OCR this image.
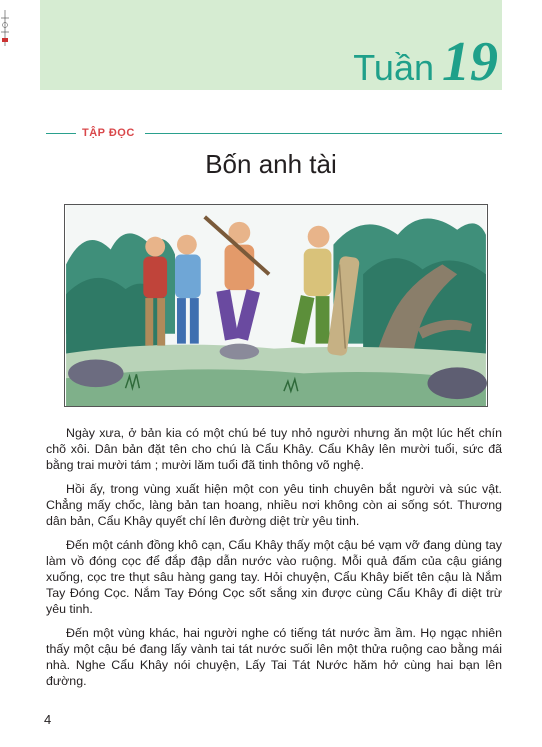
Tuần 19
TẬP ĐỌC
Bốn anh tài

Ngày xưa, ở bản kia có một chú bé tuy nhỏ người nhưng ăn một lúc hết chín chõ xôi. Dân bản đặt tên cho chú là Cẩu Khây. Cẩu Khây lên mười tuổi, sức đã bằng trai mười tám ; mười lăm tuổi đã tinh thông võ nghệ.

Hồi ấy, trong vùng xuất hiện một con yêu tinh chuyên bắt người và súc vật. Chẳng mấy chốc, làng bản tan hoang, nhiều nơi không còn ai sống sót. Thương dân bản, Cẩu Khây quyết chí lên đường diệt trừ yêu tinh.

Đến một cánh đồng khô cạn, Cẩu Khây thấy một cậu bé vạm vỡ đang dùng tay làm vồ đóng cọc để đắp đập dẫn nước vào ruộng. Mỗi quả đấm của cậu giáng xuống, cọc tre thụt sâu hàng gang tay. Hỏi chuyện, Cẩu Khây biết tên cậu là Nắm Tay Đóng Cọc. Nắm Tay Đóng Cọc sốt sắng xin được cùng Cẩu Khây đi diệt trừ yêu tinh.

Đến một vùng khác, hai người nghe có tiếng tát nước ầm ầm. Họ ngạc nhiên thấy một cậu bé đang lấy vành tai tát nước suối lên một thửa ruộng cao bằng mái nhà. Nghe Cẩu Khây nói chuyện, Lấy Tai Tát Nước hăm hở cùng hai bạn lên đường.

4
